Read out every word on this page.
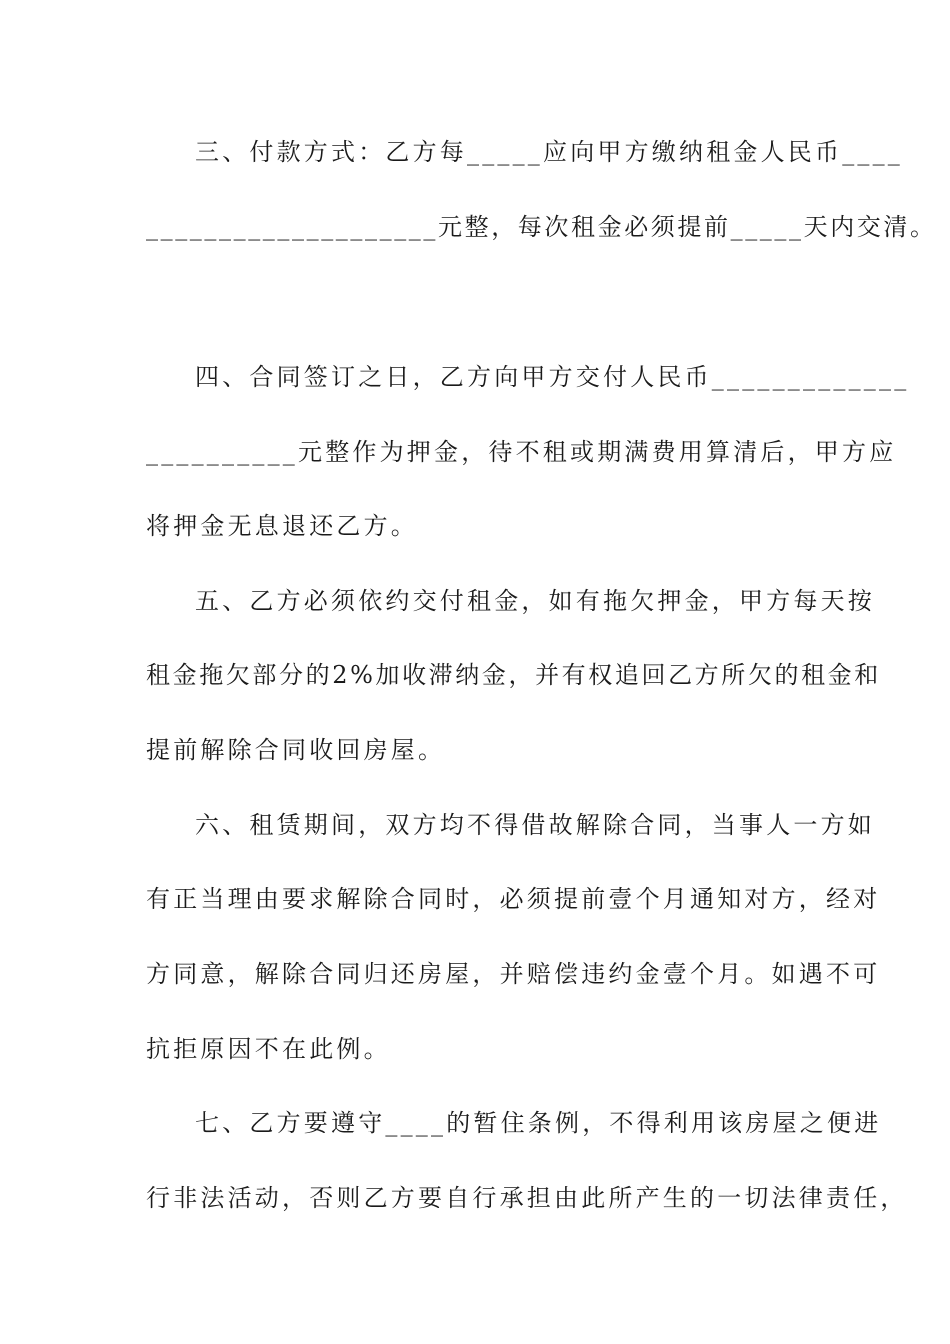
三、付款方式：乙方每_____应向甲方缴纳租金人民币____
____________________元整，每次租金必须提前_____天内交清。
四、合同签订之日，乙方向甲方交付人民币_____________
__________元整作为押金，待不租或期满费用算清后，甲方应
将押金无息退还乙方。
五、乙方必须依约交付租金，如有拖欠押金，甲方每天按
租金拖欠部分的2%加收滞纳金，并有权追回乙方所欠的租金和
提前解除合同收回房屋。
六、租赁期间，双方均不得借故解除合同，当事人一方如
有正当理由要求解除合同时，必须提前壹个月通知对方，经对
方同意，解除合同归还房屋，并赔偿违约金壹个月。如遇不可
抗拒原因不在此例。
七、乙方要遵守____的暂住条例，不得利用该房屋之便进
行非法活动，否则乙方要自行承担由此所产生的一切法律责任，
